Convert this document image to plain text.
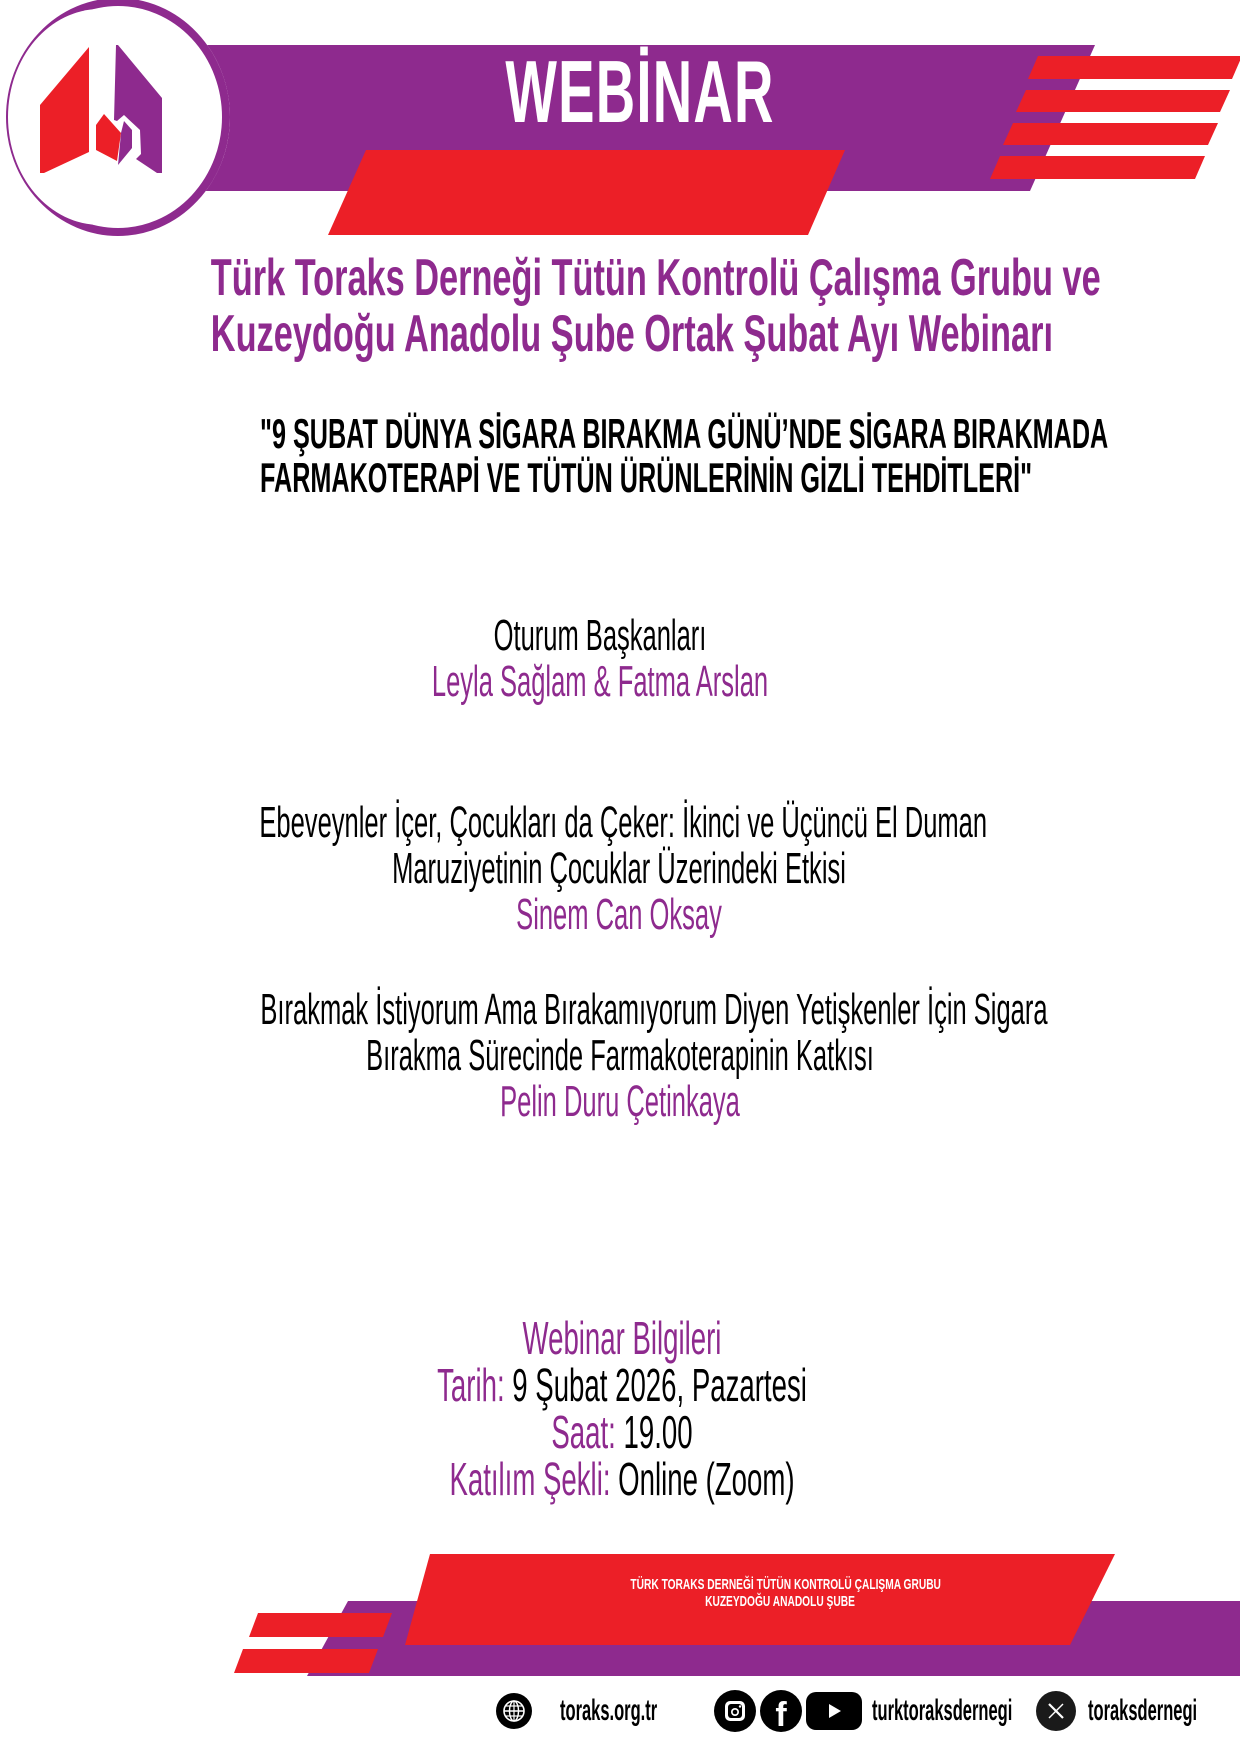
WEBİNAR
Türk Toraks Derneği Tütün Kontrolü Çalışma Grubu ve
Kuzeydoğu Anadolu Şube Ortak Şubat Ayı Webinarı
"9 ŞUBAT DÜNYA SİGARA BIRAKMA GÜNÜ’NDE SİGARA BIRAKMADA
FARMAKOTERAPİ VE TÜTÜN ÜRÜNLERİNİN GİZLİ TEHDİTLERİ"
Oturum Başkanları
Leyla Sağlam & Fatma Arslan
Ebeveynler İçer, Çocukları da Çeker: İkinci ve Üçüncü El Duman
Maruziyetinin Çocuklar Üzerindeki Etkisi
Sinem Can Oksay
Bırakmak İstiyorum Ama Bırakamıyorum Diyen Yetişkenler İçin Sigara
Bırakma Sürecinde Farmakoterapinin Katkısı
Pelin Duru Çetinkaya
Webinar Bilgileri
Tarih: 9 Şubat 2026, Pazartesi
Saat: 19.00
Katılım Şekli: Online (Zoom)
TÜRK TORAKS DERNEĞİ TÜTÜN KONTROLÜ ÇALIŞMA GRUBU
KUZEYDOĞU ANADOLU ŞUBE
toraks.org.tr	f	turktoraksdernegi	toraksdernegi
